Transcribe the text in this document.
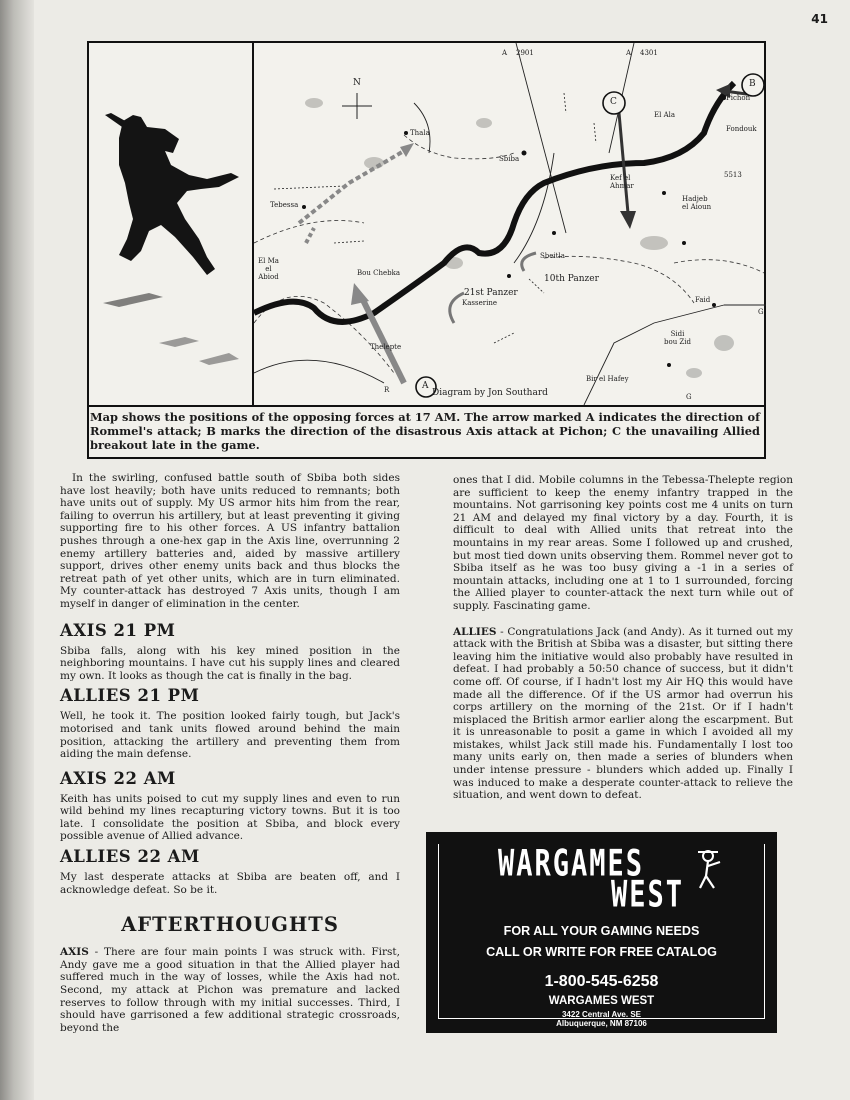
41
N
A 2901	A 4301
5513
G
G
R	A
B
C
Thala
Tebessa
El Ma
el
Abiod	Bou Chebka
Thelepte
Kasserine
21st Panzer
Sbiba
Sbeitla
10th Panzer
Kef el
Ahmar
El Ala
Pichon
Fondouk
Hadjeb
el Aioun
Faid
Sidi
bou Zid
Bir el Hafey
Diagram by Jon Southard
Map shows the positions of the opposing forces at 17 AM. The arrow marked A indicates the direction of Rommel's attack; B marks the direction of the disastrous Axis attack at Pichon; C the unavailing Allied breakout late in the game.

In the swirling, confused battle south of Sbiba both sides have lost heavily; both have units reduced to remnants; both have units out of supply. My US armor hits him from the rear, failing to overrun his artillery, but at least preventing it giving supporting fire to his other forces. A US infantry battalion pushes through a one-hex gap in the Axis line, overrunning 2 enemy artillery batteries and, aided by massive artillery support, drives other enemy units back and thus blocks the retreat path of yet other units, which are in turn eliminated. My counter-attack has destroyed 7 Axis units, though I am myself in danger of elimination in the center.

AXIS 21 PM

Sbiba falls, along with his key mined position in the neighboring mountains. I have cut his supply lines and cleared my own. It looks as though the cat is finally in the bag.

ALLIES 21 PM

Well, he took it. The position looked fairly tough, but Jack's motorised and tank units flowed around behind the main position, attacking the artillery and preventing them from aiding the main defense.

AXIS 22 AM

Keith has units poised to cut my supply lines and even to run wild behind my lines recapturing victory towns. But it is too late. I consolidate the position at Sbiba, and block every possible avenue of Allied advance.

ALLIES 22 AM

My last desperate attacks at Sbiba are beaten off, and I acknowledge defeat. So be it.

AFTERTHOUGHTS

AXIS - There are four main points I was struck with. First, Andy gave me a good situation in that the Allied player had suffered much in the way of losses, while the Axis had not. Second, my attack at Pichon was premature and lacked reserves to follow through with my initial successes. Third, I should have garrisoned a few additional strategic crossroads, beyond the

ones that I did. Mobile columns in the Tebessa-Thelepte region are sufficient to keep the enemy infantry trapped in the mountains. Not garrisoning key points cost me 4 units on turn 21 AM and delayed my final victory by a day. Fourth, it is difficult to deal with Allied units that retreat into the mountains in my rear areas. Some I followed up and crushed, but most tied down units observing them. Rommel never got to Sbiba itself as he was too busy giving a -1 in a series of mountain attacks, including one at 1 to 1 surrounded, forcing the Allied player to counter-attack the next turn while out of supply. Fascinating game.

ALLIES - Congratulations Jack (and Andy). As it turned out my attack with the British at Sbiba was a disaster, but sitting there leaving him the initiative would also probably have resulted in defeat. I had probably a 50:50 chance of success, but it didn't come off. Of course, if I hadn't lost my Air HQ this would have made all the difference. Of if the US armor had overrun his corps artillery on the morning of the 21st. Or if I hadn't misplaced the British armor earlier along the escarpment. But it is unreasonable to posit a game in which I avoided all my mistakes, whilst Jack still made his. Fundamentally I lost too many units early on, then made a series of blunders when under intense pressure - blunders which added up. Finally I was induced to make a desperate counter-attack to relieve the situation, and went down to defeat.

WARGAMES
WEST
FOR ALL YOUR GAMING NEEDS
CALL OR WRITE FOR FREE CATALOG
1-800-545-6258
WARGAMES WEST
3422 Central Ave. SE
Albuquerque, NM 87106
